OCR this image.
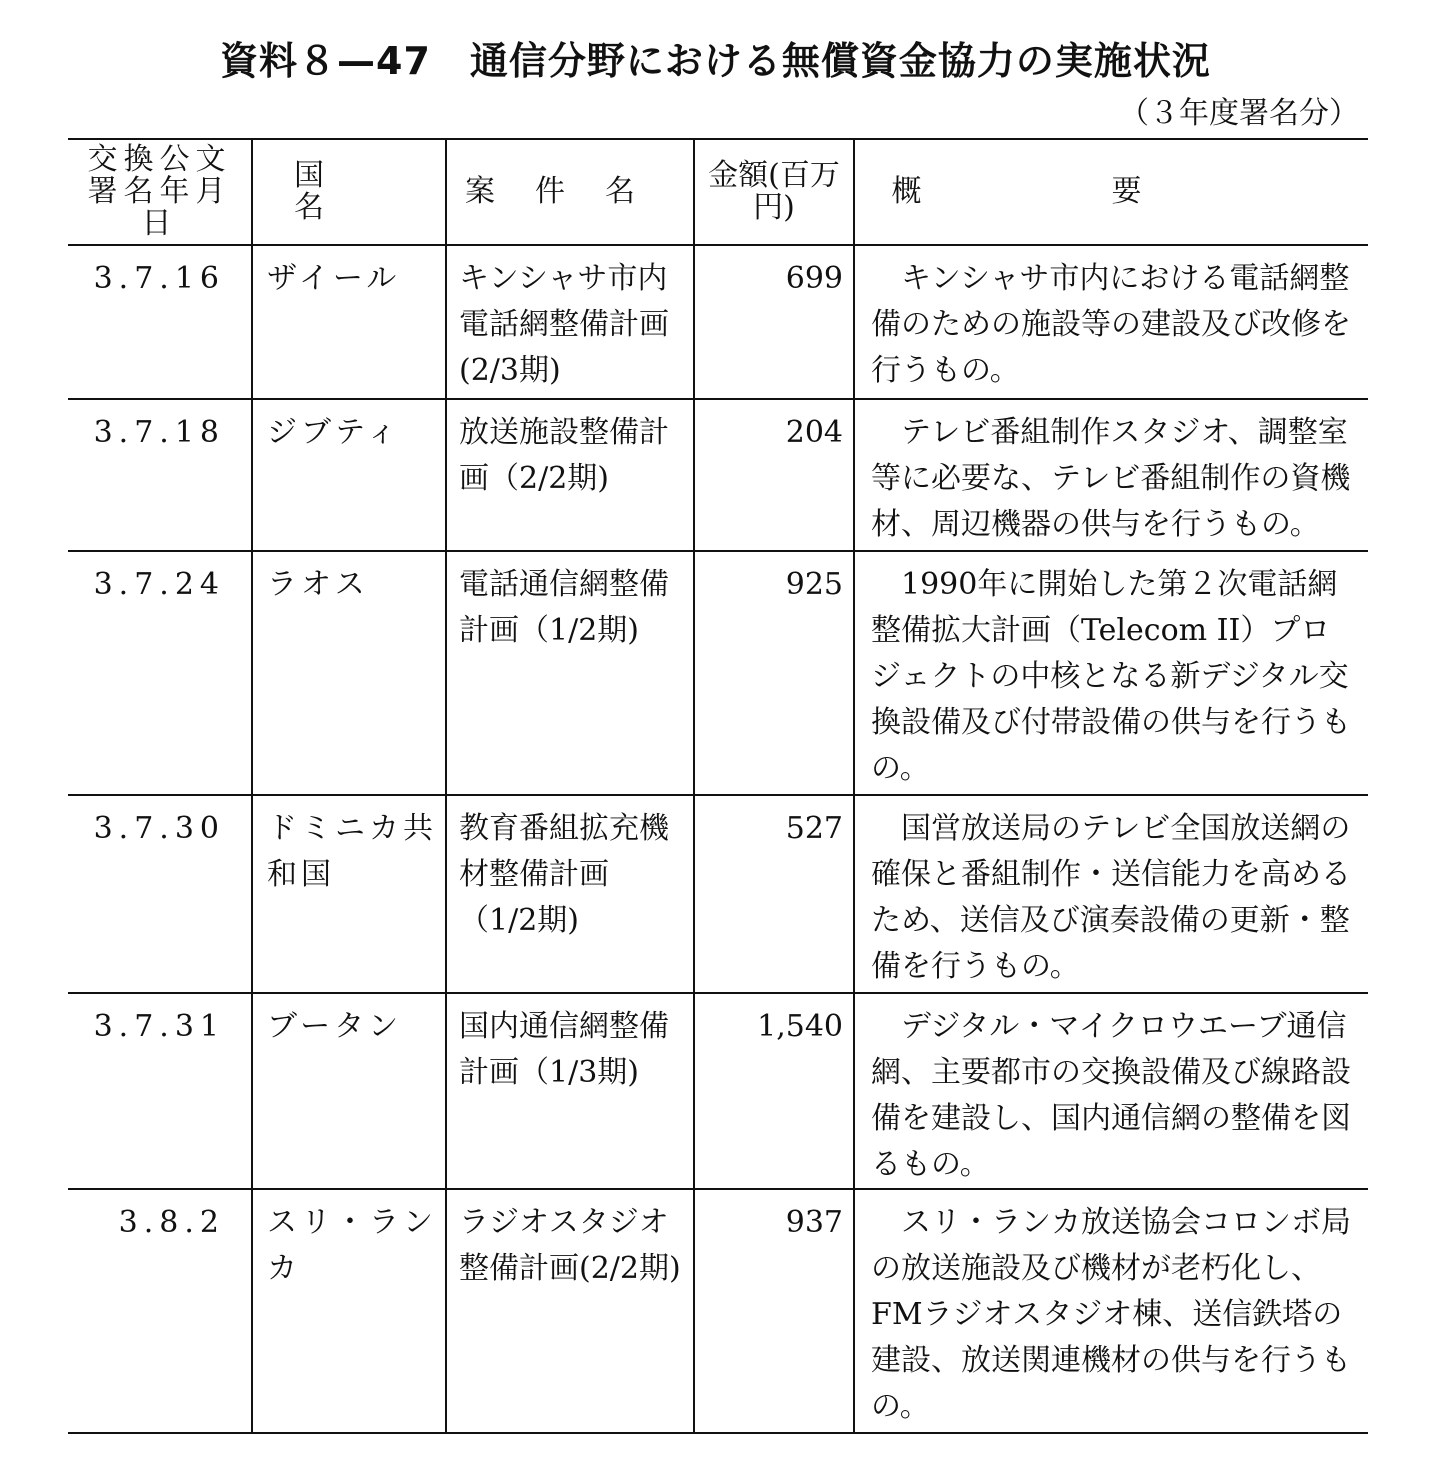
資料８—47　通信分野における無償資金協力の実施状況
（３年度署名分）
交換公文署名年月日	国名	案件名	金額(百万円)	概要
3.7.16	ザイール	キンシャサ市内電話網整備計画(2/3期)	699	キンシャサ市内における電話網整備のための施設等の建設及び改修を行うもの。
3.7.18	ジブティ	放送施設整備計画（2/2期)	204	テレビ番組制作スタジオ、調整室等に必要な、テレビ番組制作の資機材、周辺機器の供与を行うもの。
3.7.24	ラオス	電話通信網整備計画（1/2期)	925	1990年に開始した第２次電話網整備拡大計画（Telecom II）プロジェクトの中核となる新デジタル交換設備及び付帯設備の供与を行うもの。
3.7.30	ドミニカ共和国	教育番組拡充機材整備計画（1/2期)	527	国営放送局のテレビ全国放送網の確保と番組制作・送信能力を高めるため、送信及び演奏設備の更新・整備を行うもの。
3.7.31	ブータン	国内通信網整備計画（1/3期)	1,540	デジタル・マイクロウエーブ通信網、主要都市の交換設備及び線路設備を建設し、国内通信網の整備を図るもの。
3.8.2	スリ・ランカ	ラジオスタジオ整備計画(2/2期)	937	スリ・ランカ放送協会コロンボ局の放送施設及び機材が老朽化し、FMラジオスタジオ棟、送信鉄塔の建設、放送関連機材の供与を行うもの。
